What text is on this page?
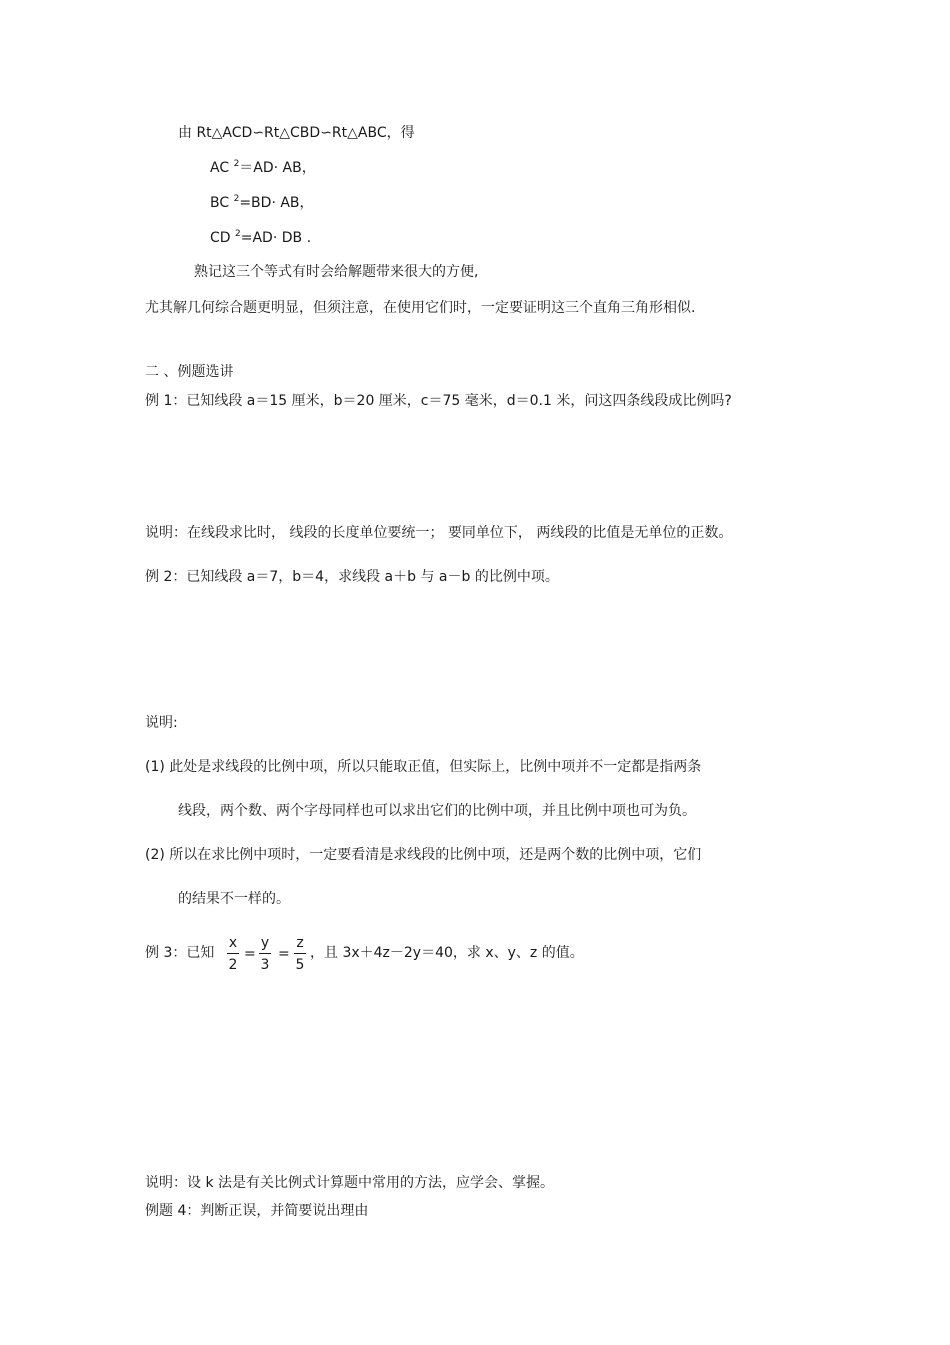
由 Rt△ACD∽Rt△CBD∽Rt△ABC，得
AC $^2$＝AD· AB，
BC $^2$=BD· AB，
CD $^2$=AD· DB .
熟记这三个等式有时会给解题带来很大的方便,
尤其解几何综合题更明显，但须注意，在使用它们时，一定要证明这三个直角三角形相似.
二 、例题选讲
例 1：已知线段 a＝15 厘米，b＝20 厘米，c＝75 毫米，d＝0.1 米，问这四条线段成比例吗?
说明：在线段求比时， 线段的长度单位要统一； 要同单位下， 两线段的比值是无单位的正数。
例 2：已知线段 a＝7，b＝4，求线段 a＋b 与 a－b 的比例中项。
说明:
(1) 此处是求线段的比例中项，所以只能取正值，但实际上，比例中项并不一定都是指两条
线段，两个数、两个字母同样也可以求出它们的比例中项，并且比例中项也可为负。
(2) 所以在求比例中项时，一定要看清是求线段的比例中项，还是两个数的比例中项，它们
的结果不一样的。
例 3：已知
x
2
=
y
3
=
z
5
，且 3x＋4z－2y＝40，求 x、y、z 的值。
说明：设 k 法是有关比例式计算题中常用的方法，应学会、掌握。
例题 4：判断正误，并简要说出理由
